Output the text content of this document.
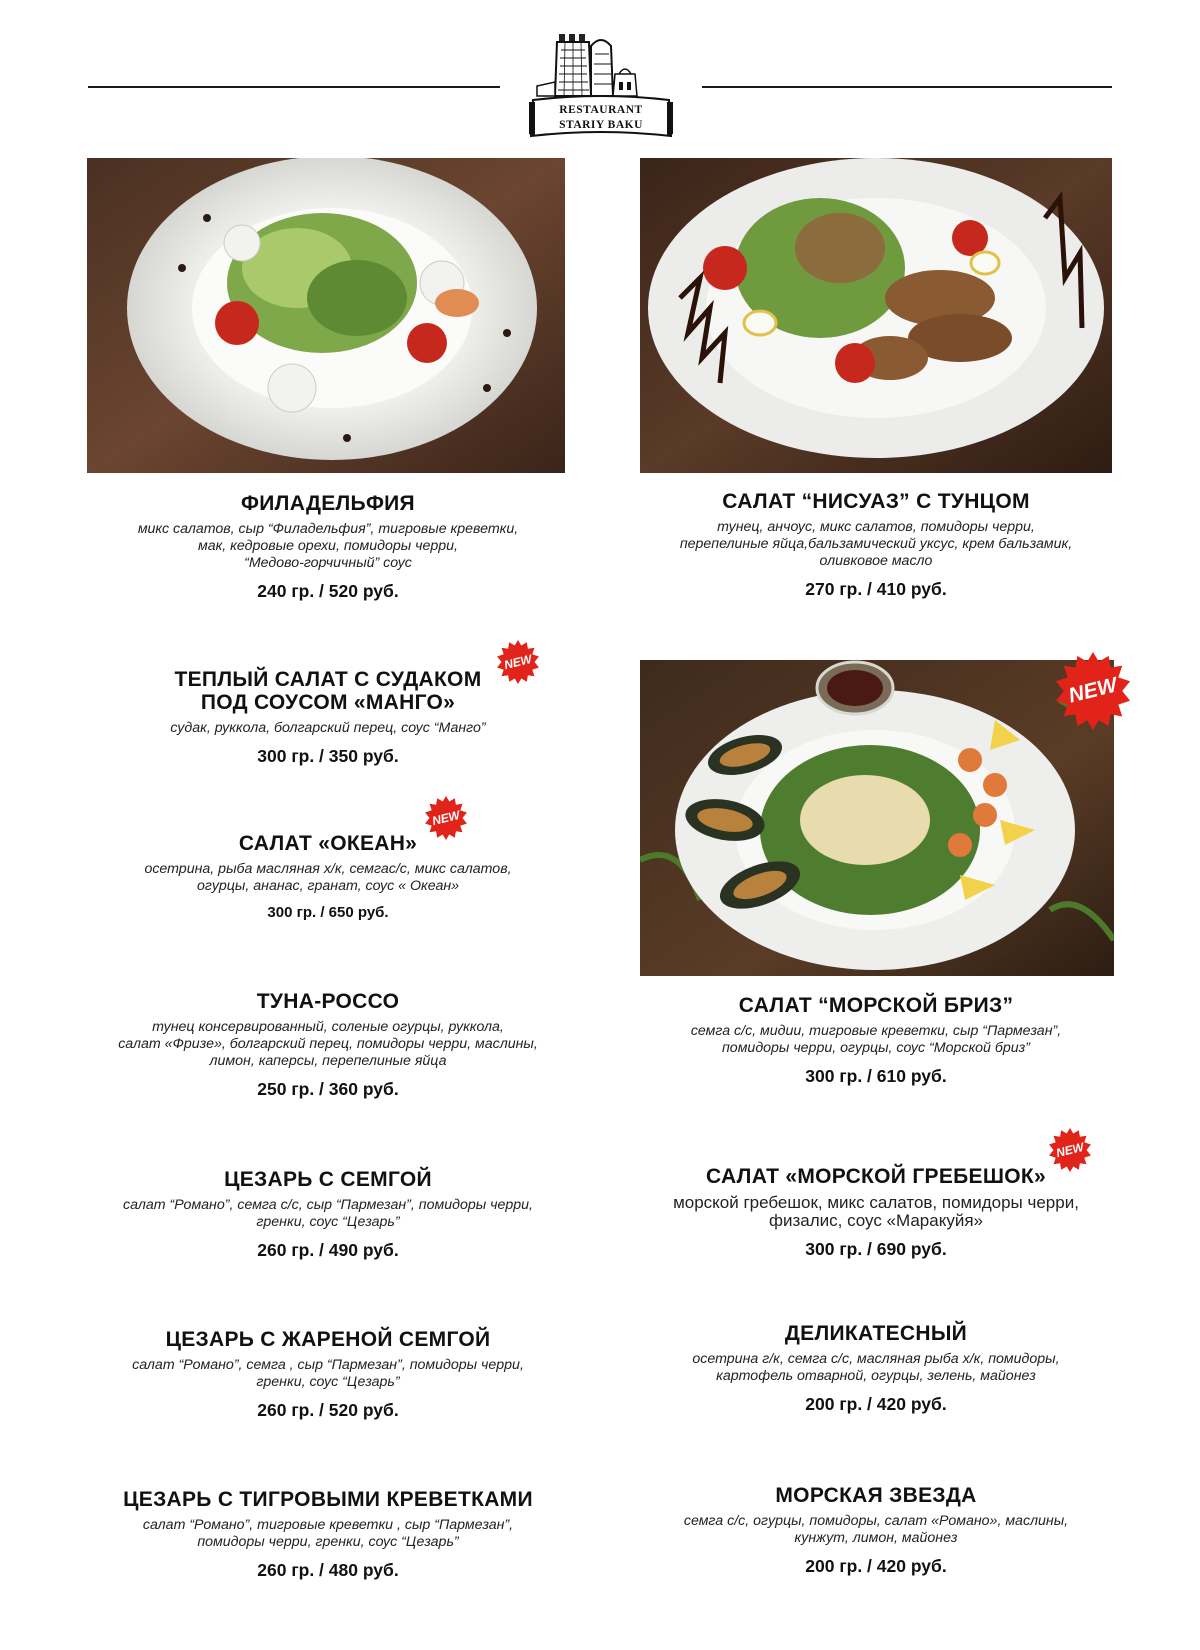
RESTAURANT
STARIY BAKU
NEW
NEW
NEW
NEW

ФИЛАДЕЛЬФИЯ

микс салатов, сыр “Филадельфия”, тигровые креветки,
мак, кедровые орехи, помидоры черри,
“Медово-горчичный” соус

240 гр. / 520 руб.

ТЕПЛЫЙ САЛАТ С СУДАКОМ
ПОД СОУСОМ «МАНГО»

судак, руккола, болгарский перец, соус “Манго”

300 гр. / 350 руб.

САЛАТ «ОКЕАН»

осетрина, рыба масляная х/к, семгас/с, микс салатов,
огурцы, ананас, гранат, соус « Океан»

300 гр. / 650 руб.

ТУНА-РОССО

тунец консервированный, соленые огурцы, руккола,
салат «Фризе», болгарский перец, помидоры черри, маслины,
лимон, каперсы, перепелиные яйца

250 гр. / 360 руб.

ЦЕЗАРЬ С СЕМГОЙ

салат “Романо”, семга с/с, сыр “Пармезан”, помидоры черри,
гренки, соус “Цезарь”

260 гр. / 490 руб.

ЦЕЗАРЬ С ЖАРЕНОЙ СЕМГОЙ

салат “Романо”, семга , сыр “Пармезан”, помидоры черри,
гренки, соус “Цезарь”

260 гр. / 520 руб.

ЦЕЗАРЬ С ТИГРОВЫМИ КРЕВЕТКАМИ

салат “Романо”, тигровые креветки , сыр “Пармезан”,
помидоры черри, гренки, соус “Цезарь”

260 гр. / 480 руб.

САЛАТ “НИСУАЗ” С ТУНЦОМ

тунец, анчоус, микс салатов, помидоры черри,
перепелиные яйца,бальзамический уксус, крем бальзамик,
оливковое масло

270 гр. / 410 руб.

САЛАТ “МОРСКОЙ БРИЗ”

семга с/с, мидии, тигровые креветки, сыр “Пармезан”,
помидоры черри, огурцы, соус “Морской бриз”

300 гр. / 610 руб.

САЛАТ «МОРСКОЙ ГРЕБЕШОК»

морской гребешок, микс салатов, помидоры черри,
физалис, соус «Маракуйя»

300 гр. / 690 руб.

ДЕЛИКАТЕСНЫЙ

осетрина г/к, семга с/с, масляная рыба х/к, помидоры,
картофель отварной, огурцы, зелень, майонез

200 гр. / 420 руб.

МОРСКАЯ ЗВЕЗДА

семга с/с, огурцы, помидоры, салат «Романо», маслины,
кунжут, лимон, майонез

200 гр. / 420 руб.
